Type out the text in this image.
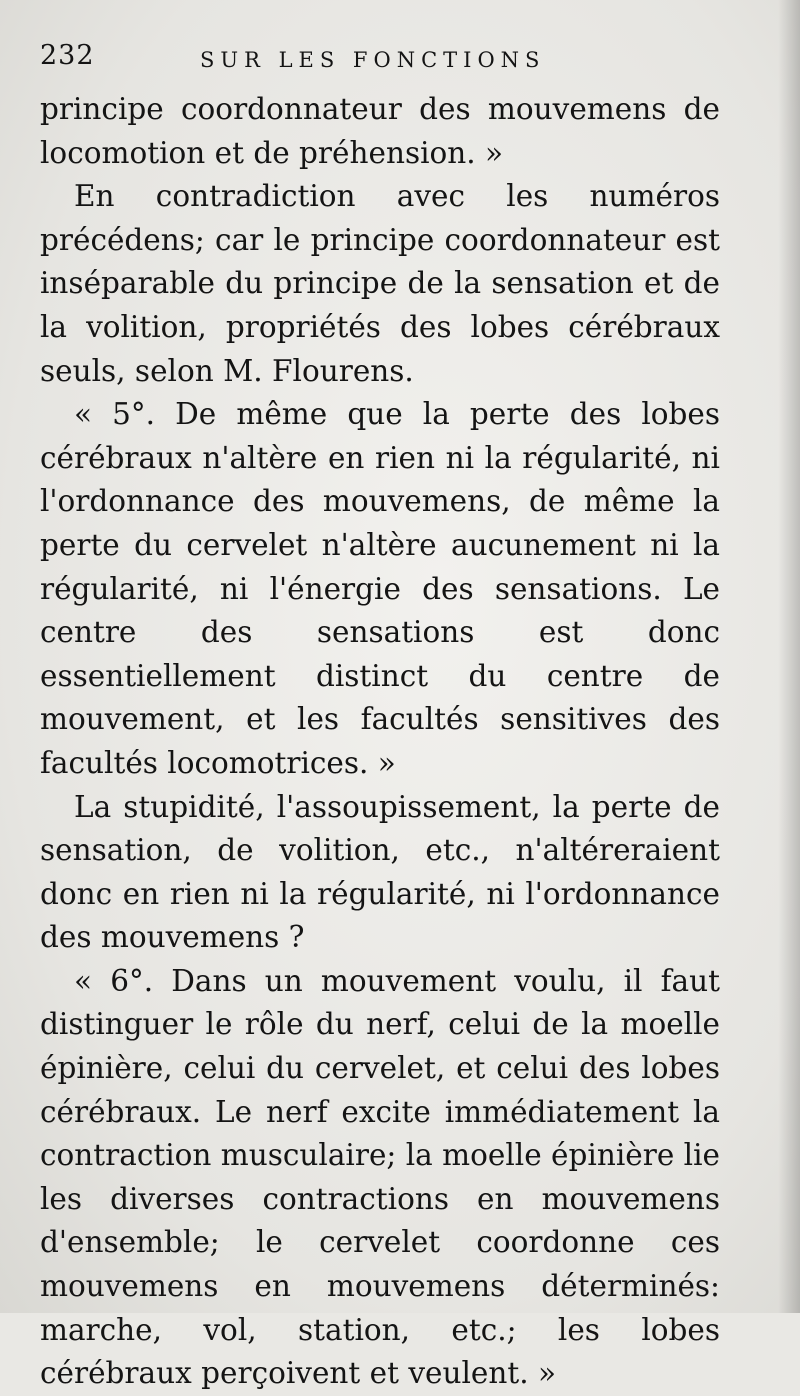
232	SUR LES FONCTIONS

principe coordonnateur des mouvemens de locomotion et de préhension. »

En contradiction avec les numéros précédens; car le principe coordonnateur est inséparable du principe de la sensation et de la volition, propriétés des lobes cérébraux seuls, selon M. Flourens.

« 5°. De même que la perte des lobes cérébraux n'altère en rien ni la régularité, ni l'ordonnance des mouvemens, de même la perte du cervelet n'altère aucunement ni la régularité, ni l'énergie des sensations. Le centre des sensations est donc essentiellement distinct du centre de mouvement, et les facultés sensitives des facultés locomotrices. »

La stupidité, l'assoupissement, la perte de sensation, de volition, etc., n'altéreraient donc en rien ni la régularité, ni l'ordonnance des mouvemens ?

« 6°. Dans un mouvement voulu, il faut distinguer le rôle du nerf, celui de la moelle épinière, celui du cervelet, et celui des lobes cérébraux. Le nerf excite immédiatement la contraction musculaire; la moelle épinière lie les diverses contractions en mouvemens d'ensemble; le cervelet coordonne ces mouvemens en mouvemens déterminés: marche, vol, station, etc.; les lobes cérébraux perçoivent et veulent. »
